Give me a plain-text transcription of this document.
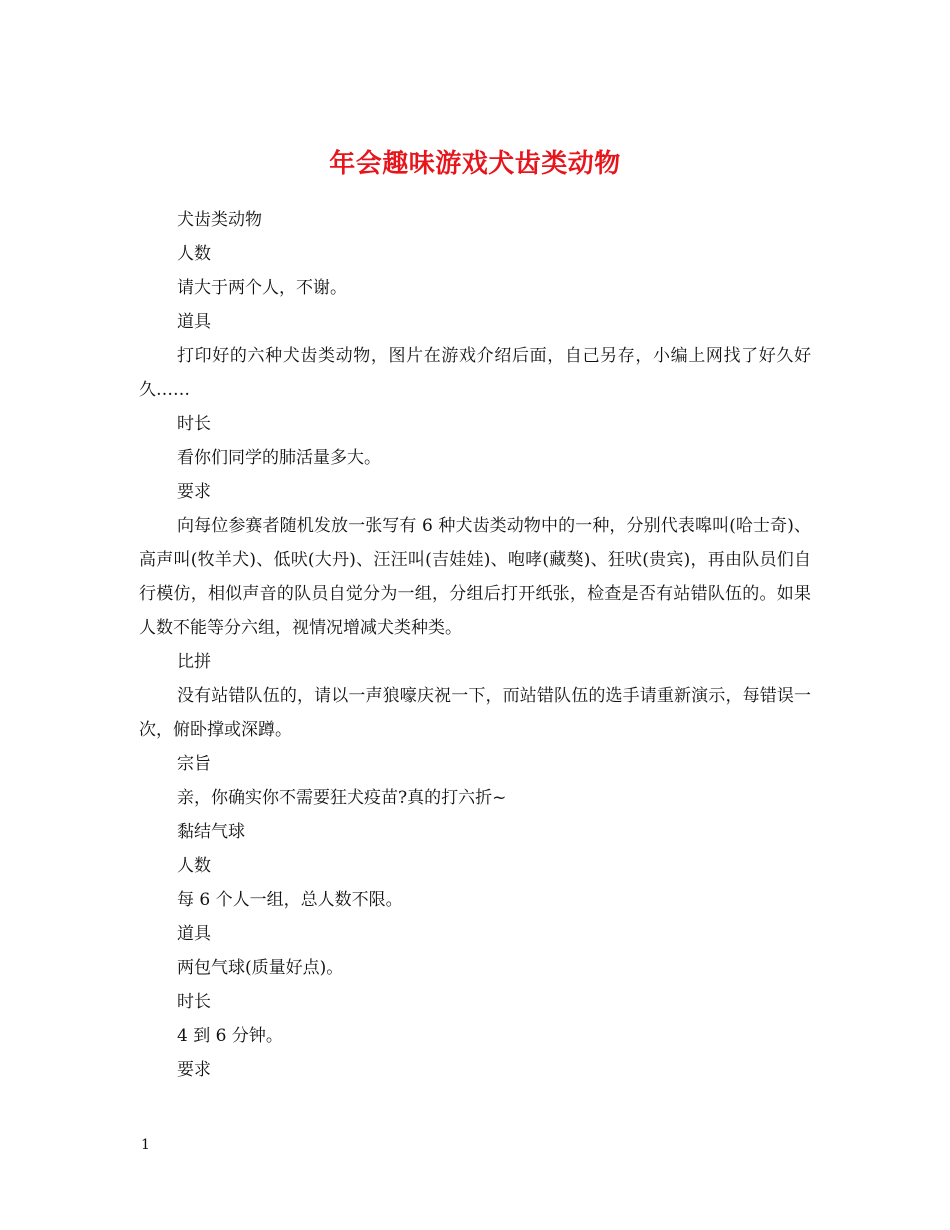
年会趣味游戏犬齿类动物

犬齿类动物

人数

请大于两个人，不谢。

道具

打印好的六种犬齿类动物，图片在游戏介绍后面，自己另存，小编上网找了好久好久……

时长

看你们同学的肺活量多大。

要求

向每位参赛者随机发放一张写有 6 种犬齿类动物中的一种，分别代表嗥叫(哈士奇)、高声叫(牧羊犬)、低吠(大丹)、汪汪叫(吉娃娃)、咆哮(藏獒)、狂吠(贵宾)，再由队员们自行模仿，相似声音的队员自觉分为一组，分组后打开纸张，检查是否有站错队伍的。如果人数不能等分六组，视情况增减犬类种类。

比拼

没有站错队伍的，请以一声狼嚎庆祝一下，而站错队伍的选手请重新演示，每错误一次，俯卧撑或深蹲。

宗旨

亲，你确实你不需要狂犬疫苗?真的打六折~

黏结气球

人数

每 6 个人一组，总人数不限。

道具

两包气球(质量好点)。

时长

4 到 6 分钟。

要求

1
